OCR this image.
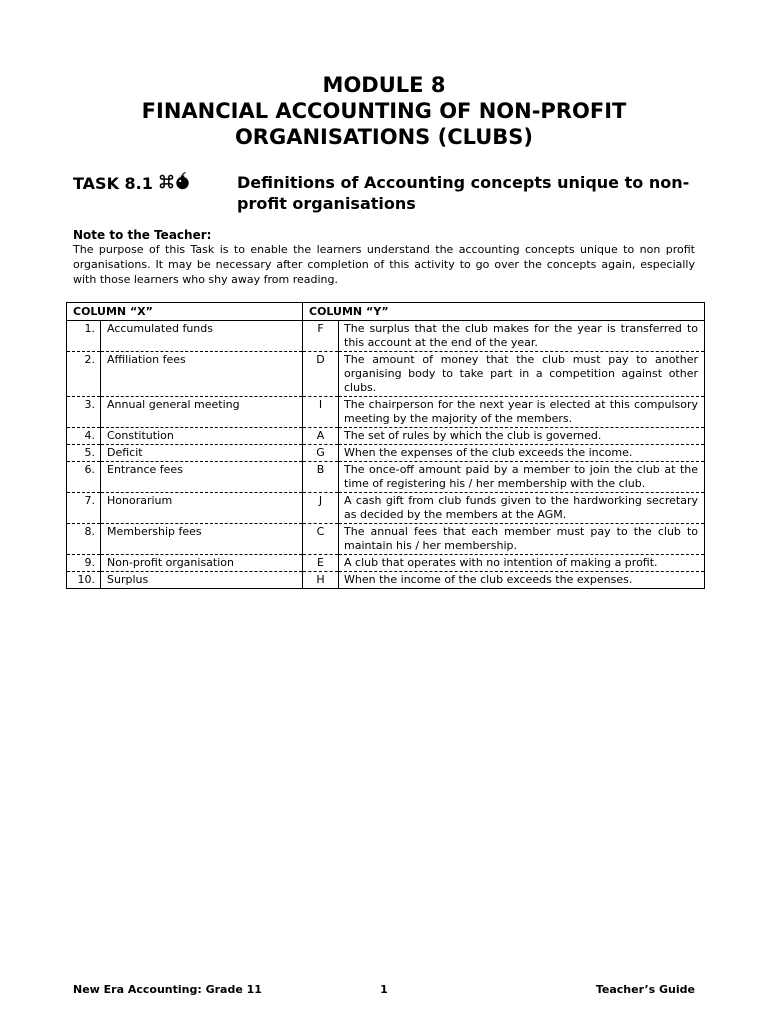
MODULE 8
FINANCIAL ACCOUNTING OF NON-PROFIT
ORGANISATIONS (CLUBS)
TASK 8.1	Definitions of Accounting concepts unique to non-profit organisations
Note to the Teacher:
The purpose of this Task is to enable the learners understand the accounting concepts unique to non profit organisations. It may be necessary after completion of this activity to go over the concepts again, especially with those learners who shy away from reading.
COLUMN “X”		COLUMN “Y”	
1.	Accumulated funds	F	The surplus that the club makes for the year is transferred to this account at the end of the year.
2.	Affiliation fees	D	The amount of money that the club must pay to another organising body to take part in a competition against other clubs.
3.	Annual general meeting	I	The chairperson for the next year is elected at this compulsory meeting by the majority of the members.
4.	Constitution	A	The set of rules by which the club is governed.
5.	Deficit	G	When the expenses of the club exceeds the income.
6.	Entrance fees	B	The once-off amount paid by a member to join the club at the time of registering his / her membership with the club.
7.	Honorarium	J	A cash gift from club funds given to the hardworking secretary as decided by the members at the AGM.
8.	Membership fees	C	The annual fees that each member must pay to the club to maintain his / her membership.
9.	Non-profit organisation	E	A club that operates with no intention of making a profit.
10.	Surplus	H	When the income of the club exceeds the expenses.
New Era Accounting: Grade 11	1	Teacher’s Guide
